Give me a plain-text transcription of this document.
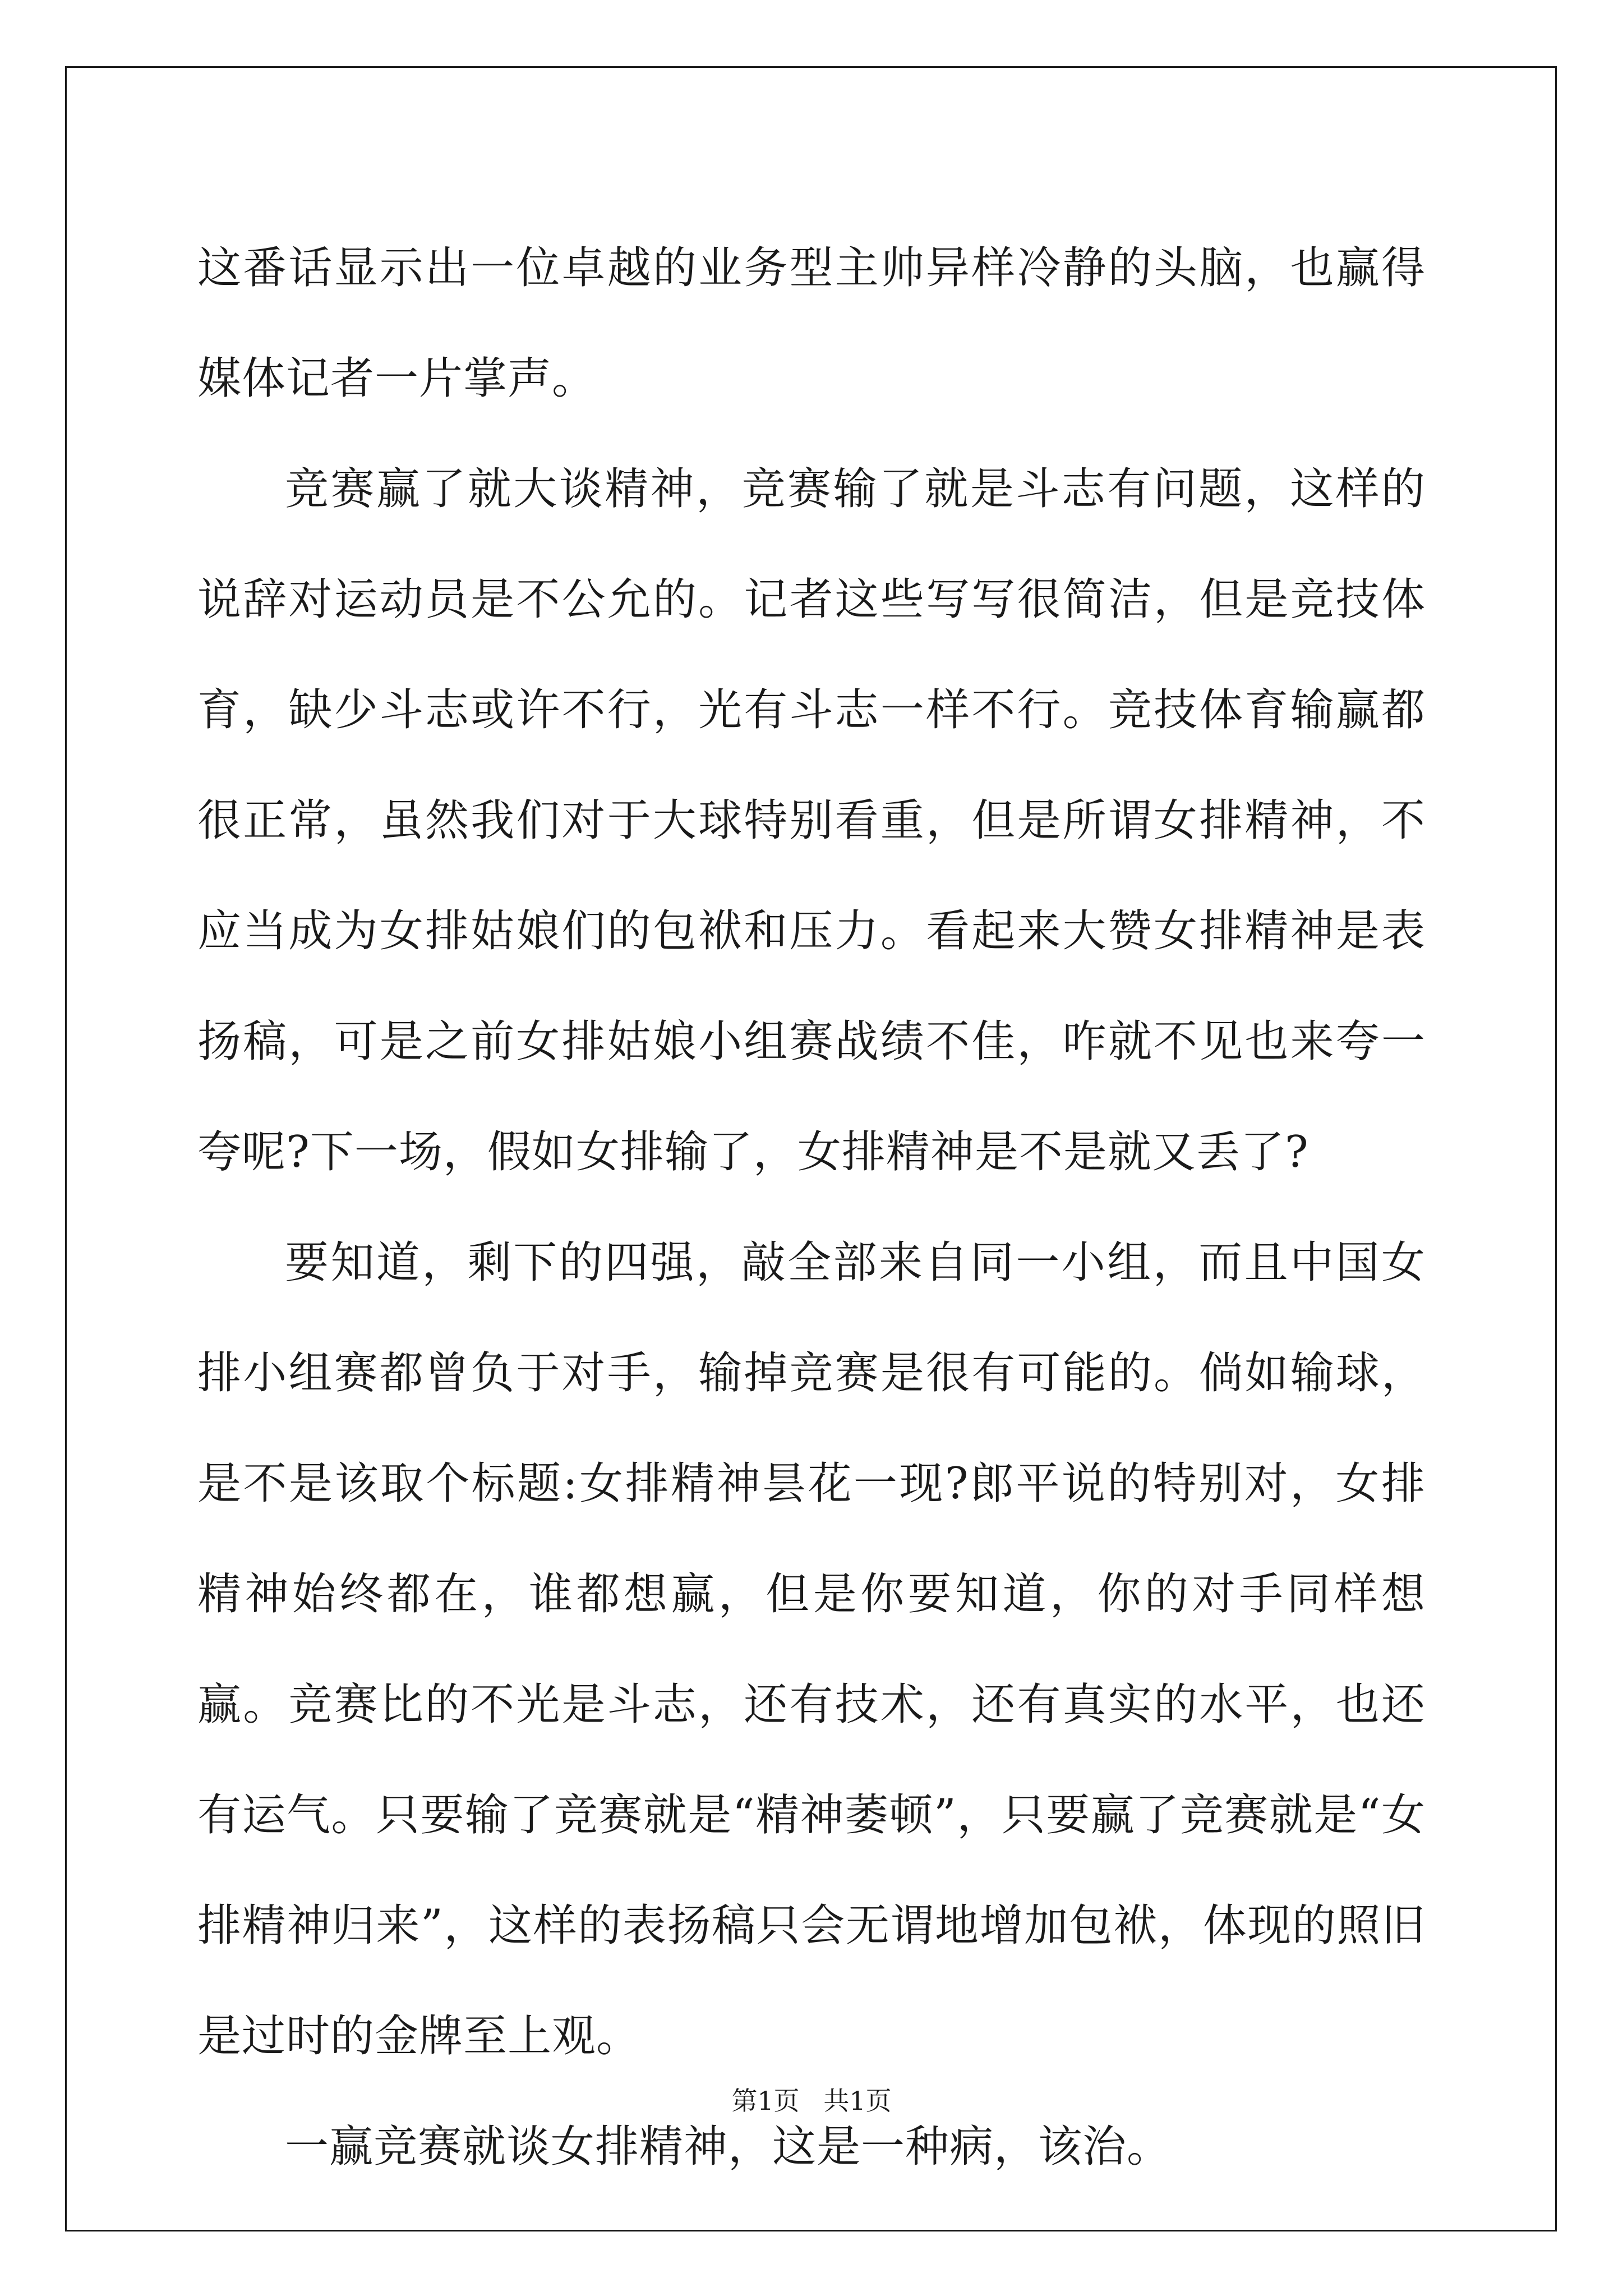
这番话显示出一位卓越的业务型主帅异样冷静的头脑，也赢得媒体记者一片掌声。

竞赛赢了就大谈精神，竞赛输了就是斗志有问题，这样的说辞对运动员是不公允的。记者这些写写很简洁，但是竞技体育，缺少斗志或许不行，光有斗志一样不行。竞技体育输赢都很正常，虽然我们对于大球特别看重，但是所谓女排精神，不应当成为女排姑娘们的包袱和压力。看起来大赞女排精神是表扬稿，可是之前女排姑娘小组赛战绩不佳，咋就不见也来夸一夸呢?下一场，假如女排输了，女排精神是不是就又丢了?

要知道，剩下的四强，敲全部来自同一小组，而且中国女排小组赛都曾负于对手，输掉竞赛是很有可能的。倘如输球，是不是该取个标题:女排精神昙花一现?郎平说的特别对，女排精神始终都在，谁都想赢，但是你要知道，你的对手同样想赢。竞赛比的不光是斗志，还有技术，还有真实的水平，也还有运气。只要输了竞赛就是“精神萎顿”，只要赢了竞赛就是“女排精神归来”，这样的表扬稿只会无谓地增加包袱，体现的照旧是过时的金牌至上观。

一赢竞赛就谈女排精神，这是一种病，该治。

第1页 共1页
